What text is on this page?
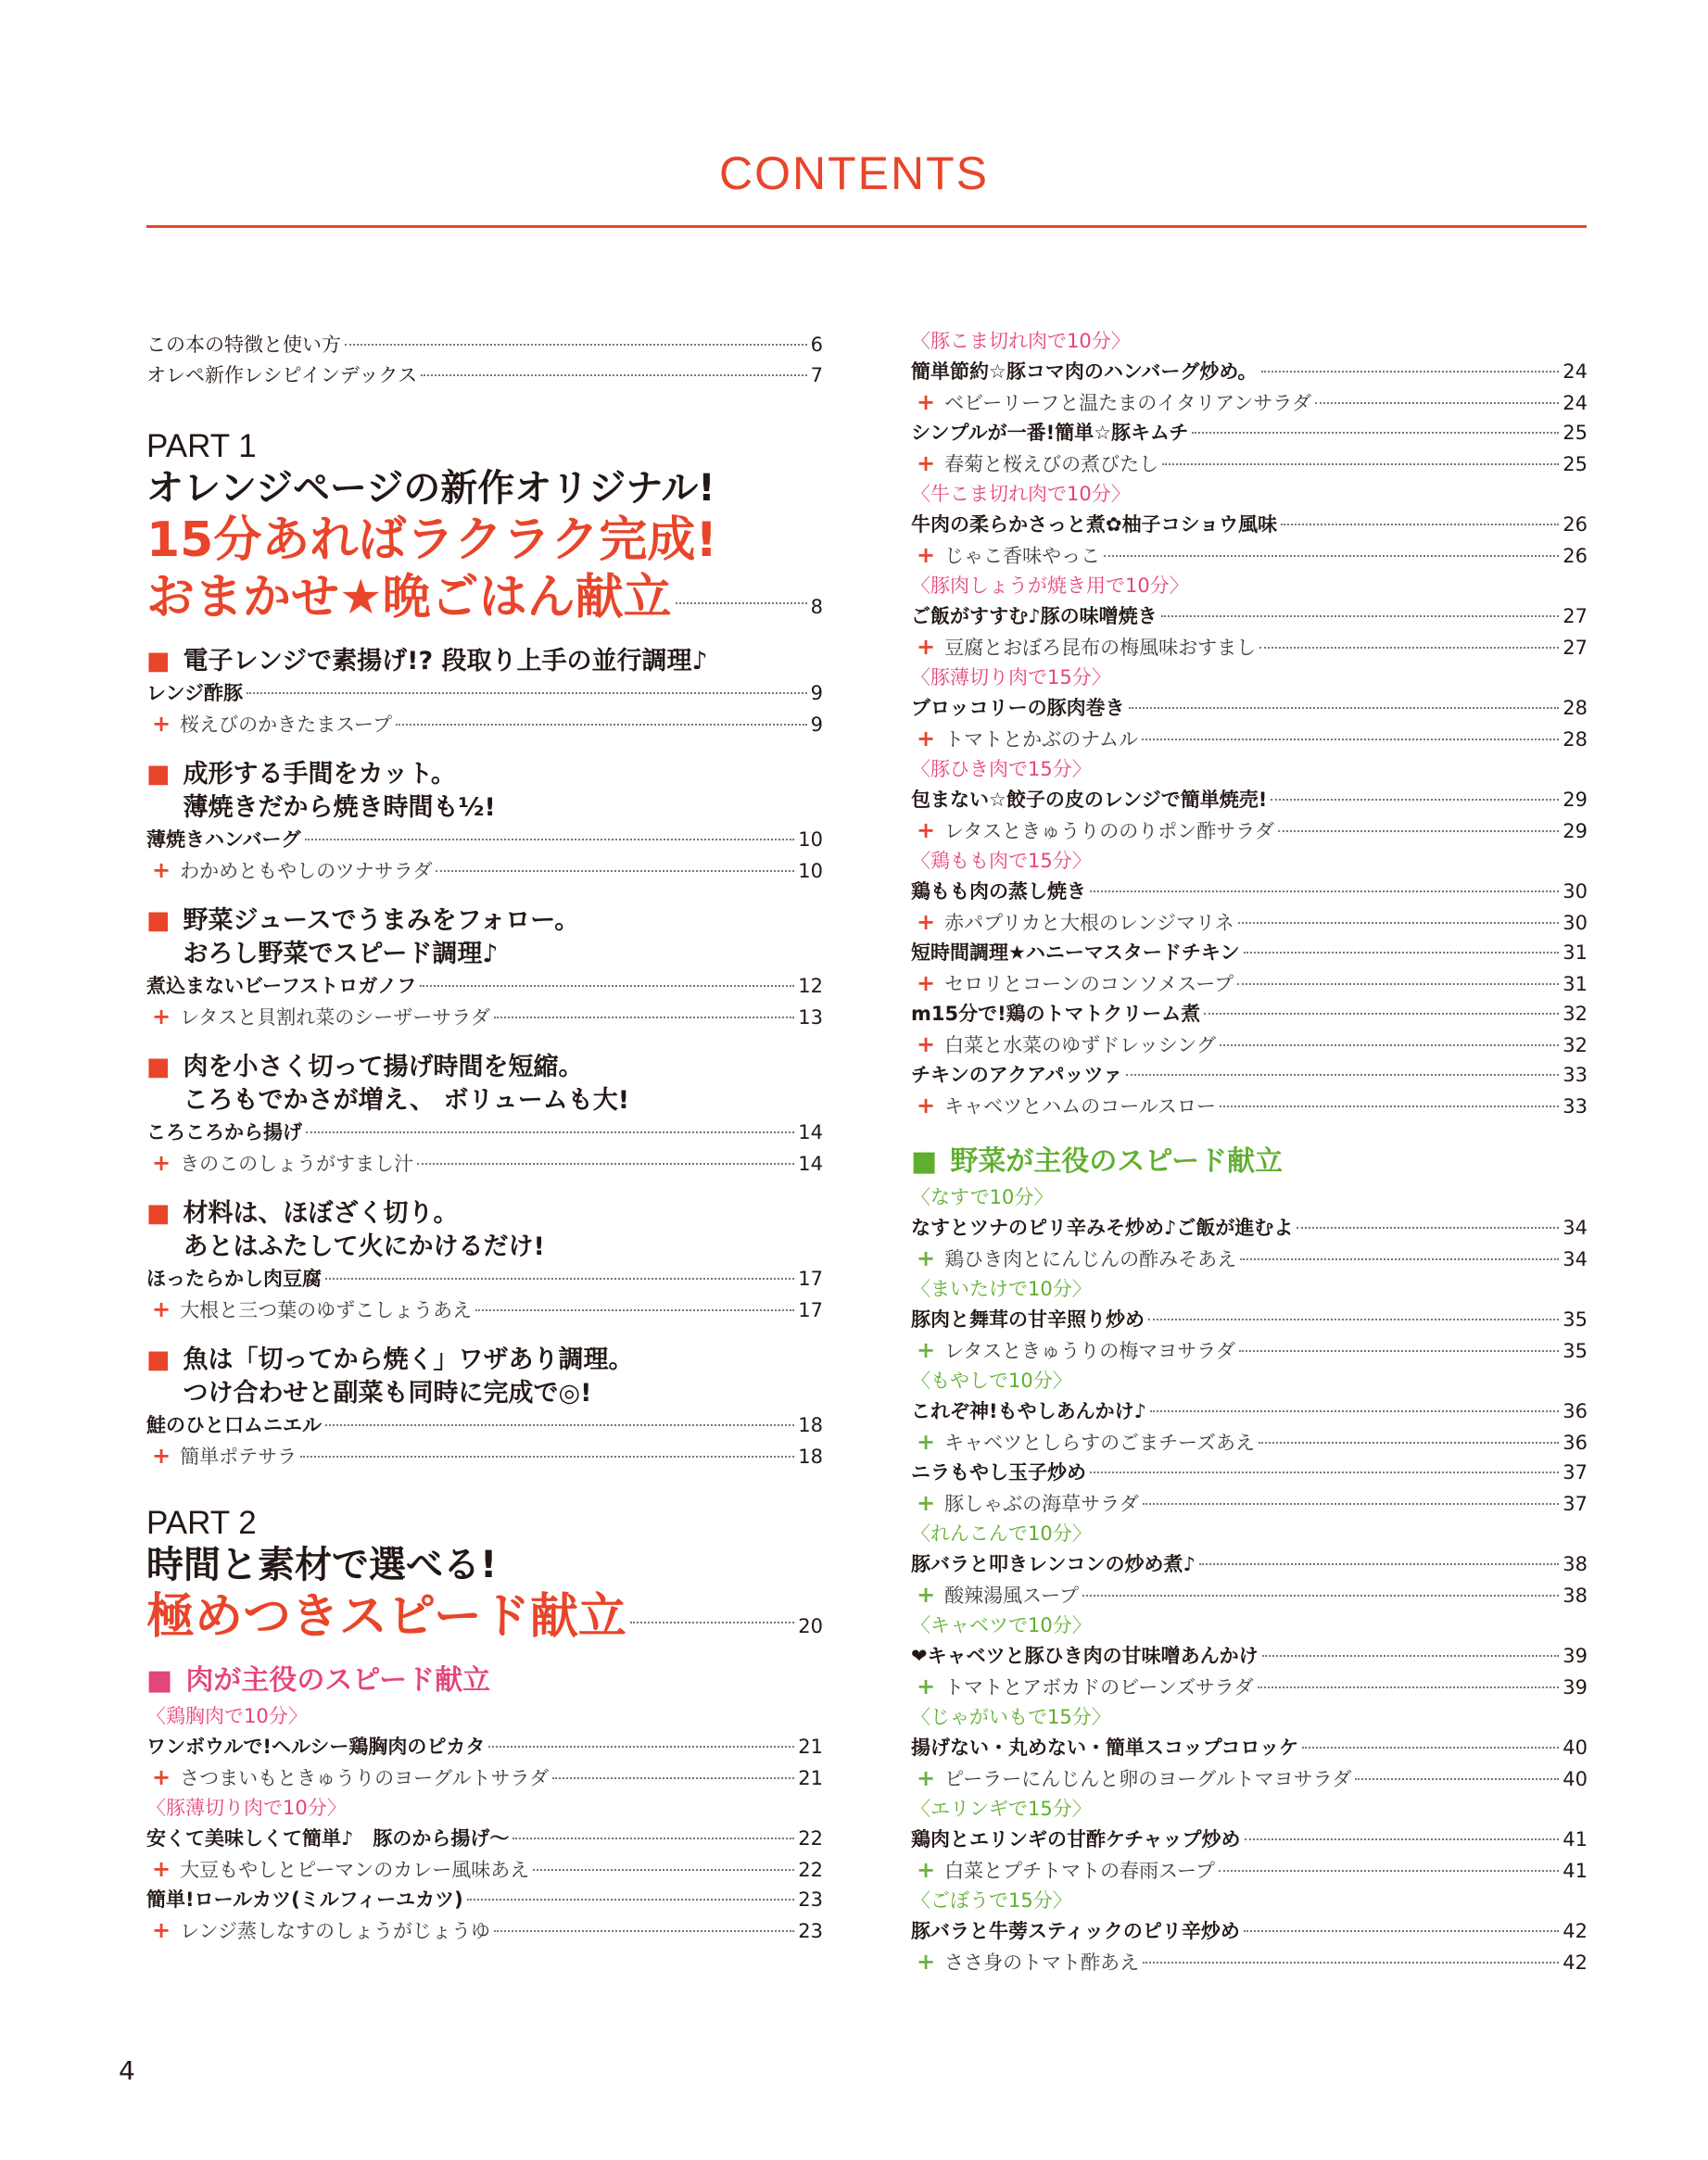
CONTENTS
この本の特徴と使い方	6
オレペ新作レシピインデックス	7
PART 1
オレンジページの新作オリジナル!
15分あればラクラク完成!
おまかせ★晩ごはん献立	8
■ 電子レンジで素揚げ!? 段取り上手の並行調理♪
レンジ酢豚	9
+ 桜えびのかきたまスープ	9
■ 成形する手間をカット。
薄焼きだから焼き時間も½!
薄焼きハンバーグ	10
+ わかめともやしのツナサラダ	10
■ 野菜ジュースでうまみをフォロー。
おろし野菜でスピード調理♪
煮込まないビーフストロガノフ	12
+ レタスと貝割れ菜のシーザーサラダ	13
■ 肉を小さく切って揚げ時間を短縮。
ころもでかさが増え、 ボリュームも大!
ころころから揚げ	14
+ きのこのしょうがすまし汁	14
■ 材料は、ほぼざく切り。
あとはふたして火にかけるだけ!
ほったらかし肉豆腐	17
+ 大根と三つ葉のゆずこしょうあえ	17
■ 魚は「切ってから焼く」ワザあり調理。
つけ合わせと副菜も同時に完成で◎!
鮭のひと口ムニエル	18
+ 簡単ポテサラ	18
PART 2
時間と素材で選べる!
極めつきスピード献立	20
■ 肉が主役のスピード献立
〈鶏胸肉で10分〉
ワンボウルで!ヘルシー鶏胸肉のピカタ	21
+ さつまいもときゅうりのヨーグルトサラダ	21
〈豚薄切り肉で10分〉
安くて美味しくて簡単♪　豚のから揚げ〜	22
+ 大豆もやしとピーマンのカレー風味あえ	22
簡単!ロールカツ(ミルフィーユカツ)	23
+ レンジ蒸しなすのしょうがじょうゆ	23
〈豚こま切れ肉で10分〉
簡単節約☆豚コマ肉のハンバーグ炒め。	24
+ ベビーリーフと温たまのイタリアンサラダ	24
シンプルが一番!簡単☆豚キムチ	25
+ 春菊と桜えびの煮びたし	25
〈牛こま切れ肉で10分〉
牛肉の柔らかさっと煮✿柚子コショウ風味	26
+ じゃこ香味やっこ	26
〈豚肉しょうが焼き用で10分〉
ご飯がすすむ♪豚の味噌焼き	27
+ 豆腐とおぼろ昆布の梅風味おすまし	27
〈豚薄切り肉で15分〉
ブロッコリーの豚肉巻き	28
+ トマトとかぶのナムル	28
〈豚ひき肉で15分〉
包まない☆餃子の皮のレンジで簡単焼売!	29
+ レタスときゅうりののりポン酢サラダ	29
〈鶏もも肉で15分〉
鶏もも肉の蒸し焼き	30
+ 赤パプリカと大根のレンジマリネ	30
短時間調理★ハニーマスタードチキン	31
+ セロリとコーンのコンソメスープ	31
m15分で!鶏のトマトクリーム煮	32
+ 白菜と水菜のゆずドレッシング	32
チキンのアクアパッツァ	33
+ キャベツとハムのコールスロー	33
■ 野菜が主役のスピード献立
〈なすで10分〉
なすとツナのピリ辛みそ炒め♪ご飯が進むよ	34
+ 鶏ひき肉とにんじんの酢みそあえ	34
〈まいたけで10分〉
豚肉と舞茸の甘辛照り炒め	35
+ レタスときゅうりの梅マヨサラダ	35
〈もやしで10分〉
これぞ神!もやしあんかけ♪	36
+ キャベツとしらすのごまチーズあえ	36
ニラもやし玉子炒め	37
+ 豚しゃぶの海草サラダ	37
〈れんこんで10分〉
豚バラと叩きレンコンの炒め煮♪	38
+ 酸辣湯風スープ	38
〈キャベツで10分〉
❤キャベツと豚ひき肉の甘味噌あんかけ	39
+ トマトとアボカドのビーンズサラダ	39
〈じゃがいもで15分〉
揚げない・丸めない・簡単スコップコロッケ	40
+ ピーラーにんじんと卵のヨーグルトマヨサラダ	40
〈エリンギで15分〉
鶏肉とエリンギの甘酢ケチャップ炒め	41
+ 白菜とプチトマトの春雨スープ	41
〈ごぼうで15分〉
豚バラと牛蒡スティックのピリ辛炒め	42
+ ささ身のトマト酢あえ	42
4
